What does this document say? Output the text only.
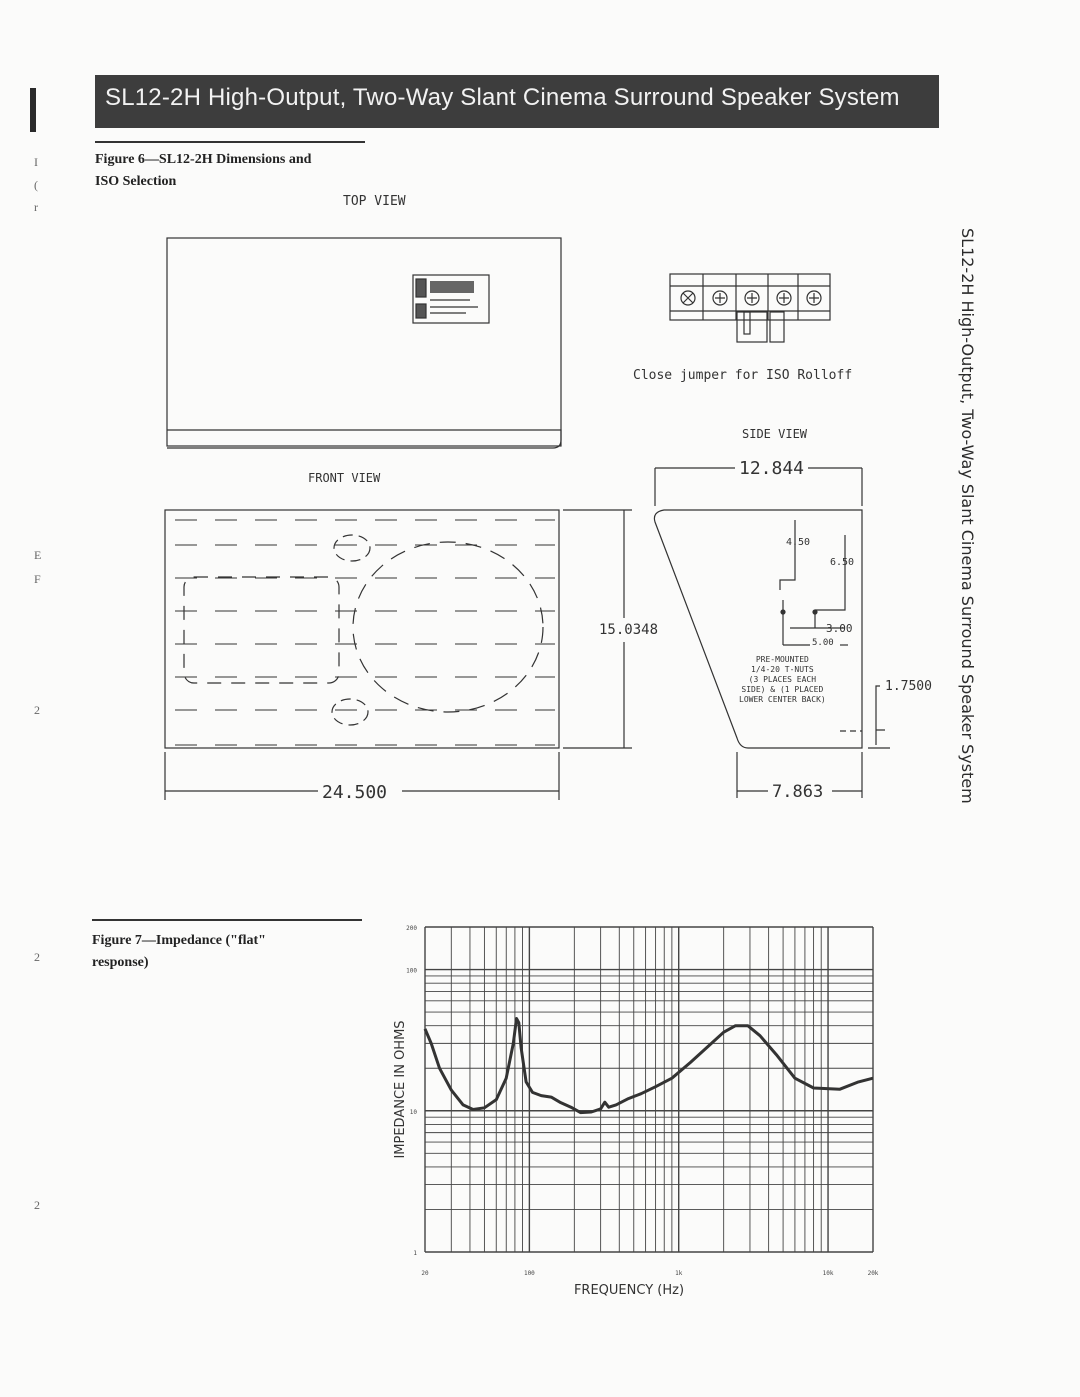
I
(
r
E
F
2
2
2
SL12-2H High-Output, Two-Way Slant Cinema Surround Speaker System
SL12-2H High-Output, Two-Way Slant Cinema Surround Speaker System
Figure 6—SL12-2H Dimensions and
ISO Selection
TOP VIEW
FRONT VIEW
SIDE VIEW
Close jumper for ISO Rolloff
24.500
15.0348
12.844
7.863
1.7500
4.50
6.50
3.00
5.00
PRE-MOUNTED
1/4-20 T-NUTS
(3 PLACES EACH
SIDE) & (1 PLACED
LOWER CENTER BACK)
Figure 7—Impedance ("flat"
response)
20	100	1k	10k	20k
1
10
100
200
IMPEDANCE IN OHMS
FREQUENCY (Hz)
